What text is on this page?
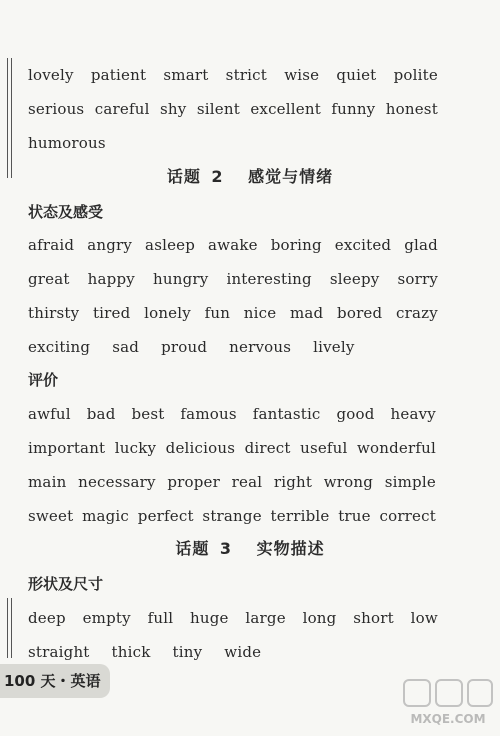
lovely patient smart strict wise quiet polite
serious careful shy silent excellent funny honest
humorous
话题 2 感觉与情绪
状态及感受
afraid angry asleep awake boring excited glad
great happy hungry interesting sleepy sorry
thirsty tired lonely fun nice mad bored crazy
exciting sad proud nervous lively
评价
awful bad best famous fantastic good heavy
important lucky delicious direct useful wonderful
main necessary proper real right wrong simple
sweet magic perfect strange terrible true correct
话题 3 实物描述
形状及尺寸
deep empty full huge large long short low
straight thick tiny wide
100 天・英语
MXQE.COM
